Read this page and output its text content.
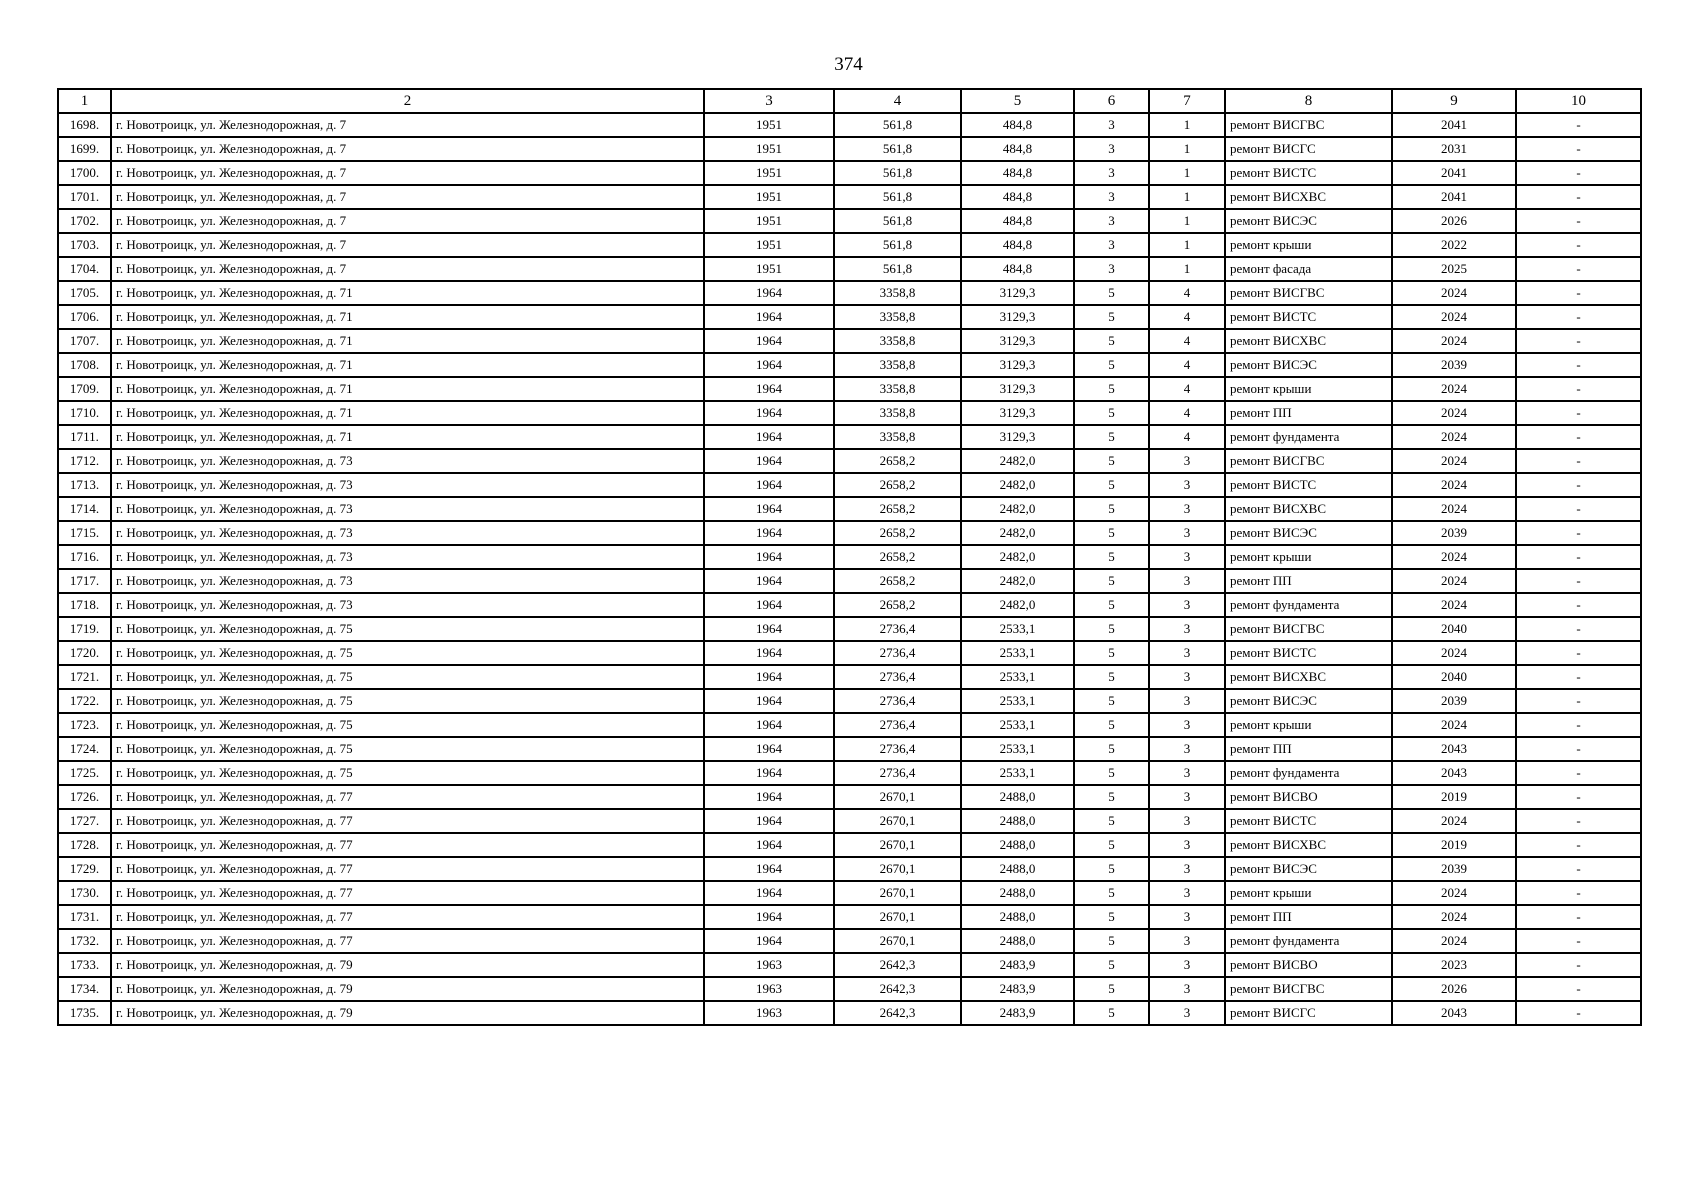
374
1	2	3	4	5	6	7	8	9	10
1698.	г. Новотроицк, ул. Железнодорожная, д. 7	1951	561,8	484,8	3	1	ремонт ВИСГВС	2041	-
1699.	г. Новотроицк, ул. Железнодорожная, д. 7	1951	561,8	484,8	3	1	ремонт ВИСГС	2031	-
1700.	г. Новотроицк, ул. Железнодорожная, д. 7	1951	561,8	484,8	3	1	ремонт ВИСТС	2041	-
1701.	г. Новотроицк, ул. Железнодорожная, д. 7	1951	561,8	484,8	3	1	ремонт ВИСХВС	2041	-
1702.	г. Новотроицк, ул. Железнодорожная, д. 7	1951	561,8	484,8	3	1	ремонт ВИСЭС	2026	-
1703.	г. Новотроицк, ул. Железнодорожная, д. 7	1951	561,8	484,8	3	1	ремонт крыши	2022	-
1704.	г. Новотроицк, ул. Железнодорожная, д. 7	1951	561,8	484,8	3	1	ремонт фасада	2025	-
1705.	г. Новотроицк, ул. Железнодорожная, д. 71	1964	3358,8	3129,3	5	4	ремонт ВИСГВС	2024	-
1706.	г. Новотроицк, ул. Железнодорожная, д. 71	1964	3358,8	3129,3	5	4	ремонт ВИСТС	2024	-
1707.	г. Новотроицк, ул. Железнодорожная, д. 71	1964	3358,8	3129,3	5	4	ремонт ВИСХВС	2024	-
1708.	г. Новотроицк, ул. Железнодорожная, д. 71	1964	3358,8	3129,3	5	4	ремонт ВИСЭС	2039	-
1709.	г. Новотроицк, ул. Железнодорожная, д. 71	1964	3358,8	3129,3	5	4	ремонт крыши	2024	-
1710.	г. Новотроицк, ул. Железнодорожная, д. 71	1964	3358,8	3129,3	5	4	ремонт ПП	2024	-
1711.	г. Новотроицк, ул. Железнодорожная, д. 71	1964	3358,8	3129,3	5	4	ремонт фундамента	2024	-
1712.	г. Новотроицк, ул. Железнодорожная, д. 73	1964	2658,2	2482,0	5	3	ремонт ВИСГВС	2024	-
1713.	г. Новотроицк, ул. Железнодорожная, д. 73	1964	2658,2	2482,0	5	3	ремонт ВИСТС	2024	-
1714.	г. Новотроицк, ул. Железнодорожная, д. 73	1964	2658,2	2482,0	5	3	ремонт ВИСХВС	2024	-
1715.	г. Новотроицк, ул. Железнодорожная, д. 73	1964	2658,2	2482,0	5	3	ремонт ВИСЭС	2039	-
1716.	г. Новотроицк, ул. Железнодорожная, д. 73	1964	2658,2	2482,0	5	3	ремонт крыши	2024	-
1717.	г. Новотроицк, ул. Железнодорожная, д. 73	1964	2658,2	2482,0	5	3	ремонт ПП	2024	-
1718.	г. Новотроицк, ул. Железнодорожная, д. 73	1964	2658,2	2482,0	5	3	ремонт фундамента	2024	-
1719.	г. Новотроицк, ул. Железнодорожная, д. 75	1964	2736,4	2533,1	5	3	ремонт ВИСГВС	2040	-
1720.	г. Новотроицк, ул. Железнодорожная, д. 75	1964	2736,4	2533,1	5	3	ремонт ВИСТС	2024	-
1721.	г. Новотроицк, ул. Железнодорожная, д. 75	1964	2736,4	2533,1	5	3	ремонт ВИСХВС	2040	-
1722.	г. Новотроицк, ул. Железнодорожная, д. 75	1964	2736,4	2533,1	5	3	ремонт ВИСЭС	2039	-
1723.	г. Новотроицк, ул. Железнодорожная, д. 75	1964	2736,4	2533,1	5	3	ремонт крыши	2024	-
1724.	г. Новотроицк, ул. Железнодорожная, д. 75	1964	2736,4	2533,1	5	3	ремонт ПП	2043	-
1725.	г. Новотроицк, ул. Железнодорожная, д. 75	1964	2736,4	2533,1	5	3	ремонт фундамента	2043	-
1726.	г. Новотроицк, ул. Железнодорожная, д. 77	1964	2670,1	2488,0	5	3	ремонт ВИСВО	2019	-
1727.	г. Новотроицк, ул. Железнодорожная, д. 77	1964	2670,1	2488,0	5	3	ремонт ВИСТС	2024	-
1728.	г. Новотроицк, ул. Железнодорожная, д. 77	1964	2670,1	2488,0	5	3	ремонт ВИСХВС	2019	-
1729.	г. Новотроицк, ул. Железнодорожная, д. 77	1964	2670,1	2488,0	5	3	ремонт ВИСЭС	2039	-
1730.	г. Новотроицк, ул. Железнодорожная, д. 77	1964	2670,1	2488,0	5	3	ремонт крыши	2024	-
1731.	г. Новотроицк, ул. Железнодорожная, д. 77	1964	2670,1	2488,0	5	3	ремонт ПП	2024	-
1732.	г. Новотроицк, ул. Железнодорожная, д. 77	1964	2670,1	2488,0	5	3	ремонт фундамента	2024	-
1733.	г. Новотроицк, ул. Железнодорожная, д. 79	1963	2642,3	2483,9	5	3	ремонт ВИСВО	2023	-
1734.	г. Новотроицк, ул. Железнодорожная, д. 79	1963	2642,3	2483,9	5	3	ремонт ВИСГВС	2026	-
1735.	г. Новотроицк, ул. Железнодорожная, д. 79	1963	2642,3	2483,9	5	3	ремонт ВИСГС	2043	-
